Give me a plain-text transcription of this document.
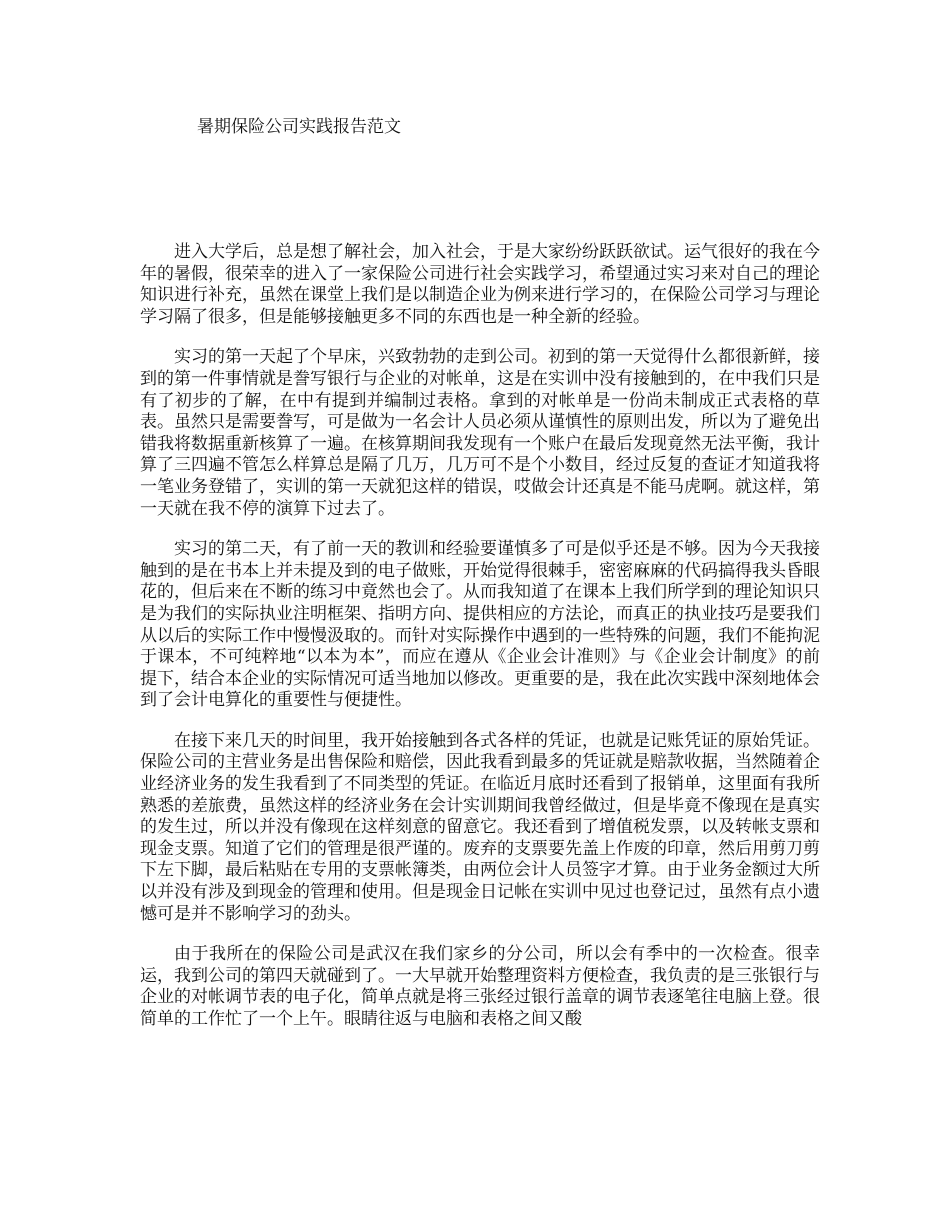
暑期保险公司实践报告范文

进入大学后，总是想了解社会，加入社会，于是大家纷纷跃跃欲试。运气很好的我在今年的暑假，很荣幸的进入了一家保险公司进行社会实践学习，希望通过实习来对自己的理论知识进行补充，虽然在课堂上我们是以制造企业为例来进行学习的，在保险公司学习与理论学习隔了很多，但是能够接触更多不同的东西也是一种全新的经验。

实习的第一天起了个早床，兴致勃勃的走到公司。初到的第一天觉得什么都很新鲜，接到的第一件事情就是誊写银行与企业的对帐单，这是在实训中没有接触到的，在中我们只是有了初步的了解，在中有提到并编制过表格。拿到的对帐单是一份尚未制成正式表格的草表。虽然只是需要誊写，可是做为一名会计人员必须从谨慎性的原则出发，所以为了避免出错我将数据重新核算了一遍。在核算期间我发现有一个账户在最后发现竟然无法平衡，我计算了三四遍不管怎么样算总是隔了几万，几万可不是个小数目，经过反复的查证才知道我将一笔业务登错了，实训的第一天就犯这样的错误，哎做会计还真是不能马虎啊。就这样，第一天就在我不停的演算下过去了。

实习的第二天，有了前一天的教训和经验要谨慎多了可是似乎还是不够。因为今天我接触到的是在书本上并未提及到的电子做账，开始觉得很棘手，密密麻麻的代码搞得我头昏眼花的，但后来在不断的练习中竟然也会了。从而我知道了在课本上我们所学到的理论知识只是为我们的实际执业注明框架、指明方向、提供相应的方法论，而真正的执业技巧是要我们从以后的实际工作中慢慢汲取的。而针对实际操作中遇到的一些特殊的问题，我们不能拘泥于课本，不可纯粹地“以本为本”，而应在遵从《企业会计准则》与《企业会计制度》的前提下，结合本企业的实际情况可适当地加以修改。更重要的是，我在此次实践中深刻地体会到了会计电算化的重要性与便捷性。

在接下来几天的时间里，我开始接触到各式各样的凭证，也就是记账凭证的原始凭证。保险公司的主营业务是出售保险和赔偿，因此我看到最多的凭证就是赔款收据，当然随着企业经济业务的发生我看到了不同类型的凭证。在临近月底时还看到了报销单，这里面有我所熟悉的差旅费，虽然这样的经济业务在会计实训期间我曾经做过，但是毕竟不像现在是真实的发生过，所以并没有像现在这样刻意的留意它。我还看到了增值税发票，以及转帐支票和现金支票。知道了它们的管理是很严谨的。废弃的支票要先盖上作废的印章，然后用剪刀剪下左下脚，最后粘贴在专用的支票帐簿类，由两位会计人员签字才算。由于业务金额过大所以并没有涉及到现金的管理和使用。但是现金日记帐在实训中见过也登记过，虽然有点小遗憾可是并不影响学习的劲头。

由于我所在的保险公司是武汉在我们家乡的分公司，所以会有季中的一次检查。很幸运，我到公司的第四天就碰到了。一大早就开始整理资料方便检查，我负责的是三张银行与企业的对帐调节表的电子化，简单点就是将三张经过银行盖章的调节表逐笔往电脑上登。很简单的工作忙了一个上午。眼睛往返与电脑和表格之间又酸
